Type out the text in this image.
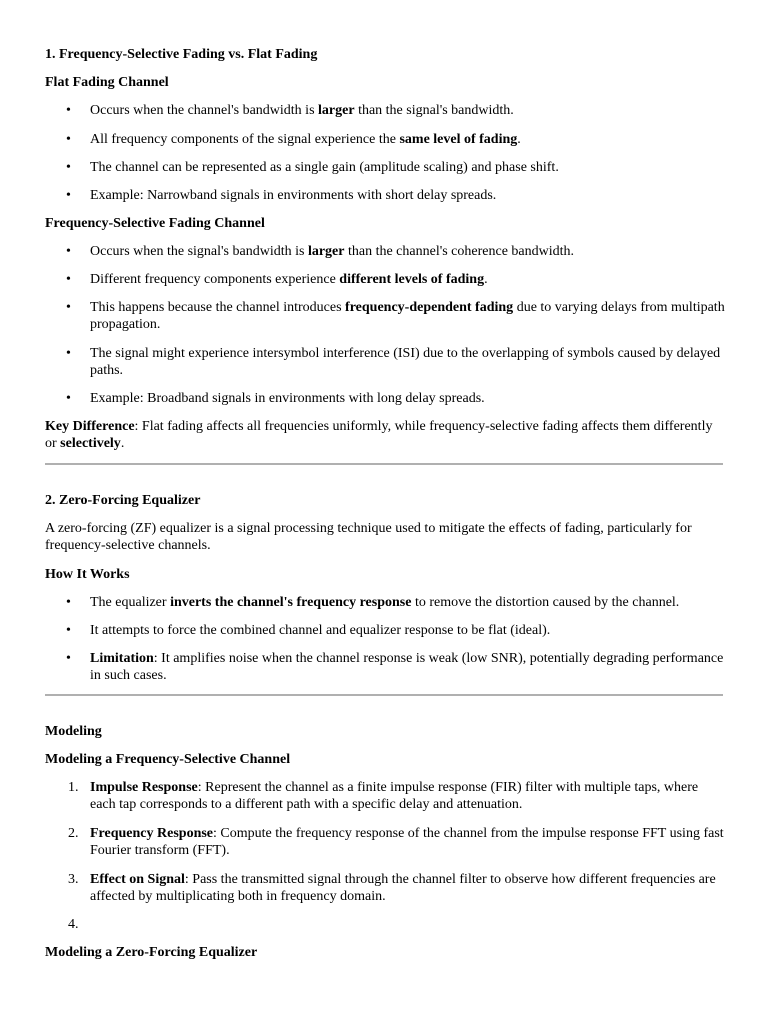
1. Frequency-Selective Fading vs. Flat Fading
Flat Fading Channel
• Occurs when the channel's bandwidth is larger than the signal's bandwidth.

• All frequency components of the signal experience the same level of fading.

• The channel can be represented as a single gain (amplitude scaling) and phase shift.

• Example: Narrowband signals in environments with short delay spreads.

Frequency-Selective Fading Channel
• Occurs when the signal's bandwidth is larger than the channel's coherence bandwidth.

• Different frequency components experience different levels of fading.

• This happens because the channel introduces frequency-dependent fading due to varying delays from multipath propagation.

• The signal might experience intersymbol interference (ISI) due to the overlapping of symbols caused by delayed paths.

• Example: Broadband signals in environments with long delay spreads.

Key Difference: Flat fading affects all frequencies uniformly, while frequency-selective fading affects them differently or selectively.

2. Zero-Forcing Equalizer

A zero-forcing (ZF) equalizer is a signal processing technique used to mitigate the effects of fading, particularly for frequency-selective channels.

How It Works
• The equalizer inverts the channel's frequency response to remove the distortion caused by the channel.

• It attempts to force the combined channel and equalizer response to be flat (ideal).

• Limitation: It amplifies noise when the channel response is weak (low SNR), potentially degrading performance in such cases.

Modeling
Modeling a Frequency-Selective Channel
1. Impulse Response: Represent the channel as a finite impulse response (FIR) filter with multiple taps, where each tap corresponds to a different path with a specific delay and attenuation.

2. Frequency Response: Compute the frequency response of the channel from the impulse response FFT using fast Fourier transform (FFT).

3. Effect on Signal: Pass the transmitted signal through the channel filter to observe how different frequencies are affected by multiplicating both in frequency domain.

4.

Modeling a Zero-Forcing Equalizer
